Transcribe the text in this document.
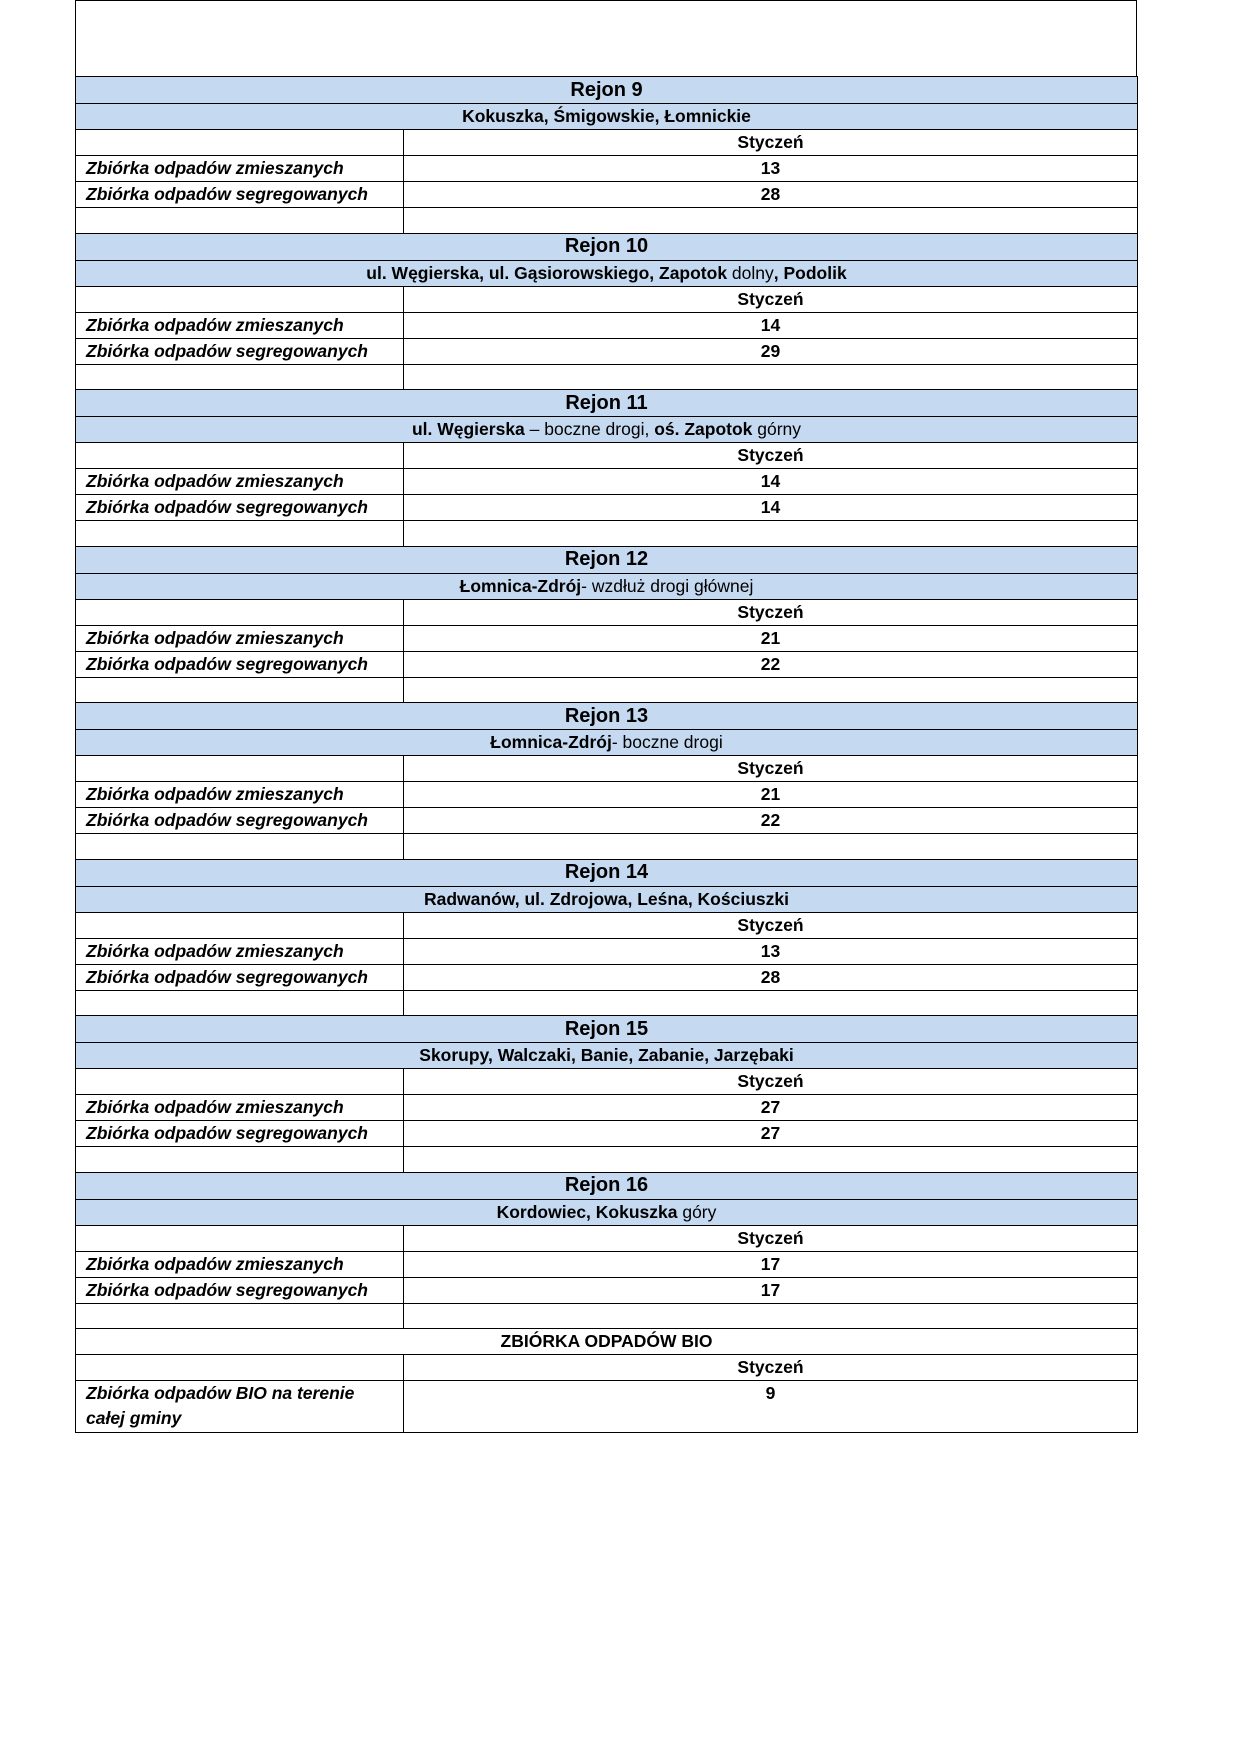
Rejon 9	
Kokuszka, Śmigowskie, Łomnickie	
	Styczeń
Zbiórka odpadów zmieszanych	13
Zbiórka odpadów segregowanych	28

Rejon 10	
ul. Węgierska, ul. Gąsiorowskiego, Zapotok dolny, Podolik	
	Styczeń
Zbiórka odpadów zmieszanych	14
Zbiórka odpadów segregowanych	29

Rejon 11	
ul. Węgierska – boczne drogi, oś. Zapotok górny	
	Styczeń
Zbiórka odpadów zmieszanych	14
Zbiórka odpadów segregowanych	14

Rejon 12	
Łomnica-Zdrój- wzdłuż drogi głównej	
	Styczeń
Zbiórka odpadów zmieszanych	21
Zbiórka odpadów segregowanych	22

Rejon 13	
Łomnica-Zdrój- boczne drogi	
	Styczeń
Zbiórka odpadów zmieszanych	21
Zbiórka odpadów segregowanych	22

Rejon 14	
Radwanów, ul. Zdrojowa, Leśna, Kościuszki	
	Styczeń
Zbiórka odpadów zmieszanych	13
Zbiórka odpadów segregowanych	28

Rejon 15	
Skorupy, Walczaki, Banie, Zabanie, Jarzębaki	
	Styczeń
Zbiórka odpadów zmieszanych	27
Zbiórka odpadów segregowanych	27

Rejon 16	
Kordowiec, Kokuszka góry	
	Styczeń
Zbiórka odpadów zmieszanych	17
Zbiórka odpadów segregowanych	17

ZBIÓRKA ODPADÓW BIO	
	Styczeń
Zbiórka odpadów BIO na terenie całej gminy	9
